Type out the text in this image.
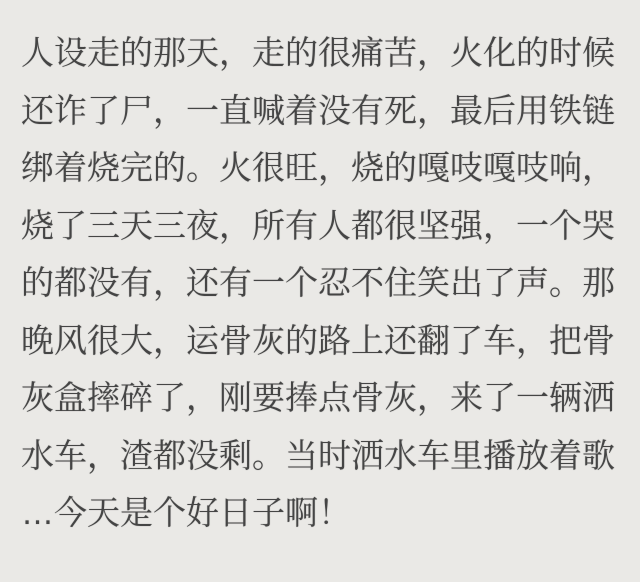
人设走的那天，走的很痛苦，火化的时候
还诈了尸，一直喊着没有死，最后用铁链
绑着烧完的。火很旺，烧的嘎吱嘎吱响，
烧了三天三夜，所有人都很坚强，一个哭
的都没有，还有一个忍不住笑出了声。那
晚风很大，运骨灰的路上还翻了车，把骨
灰盒摔碎了，刚要捧点骨灰，来了一辆洒
水车，渣都没剩。当时洒水车里播放着歌
…今天是个好日子啊！
